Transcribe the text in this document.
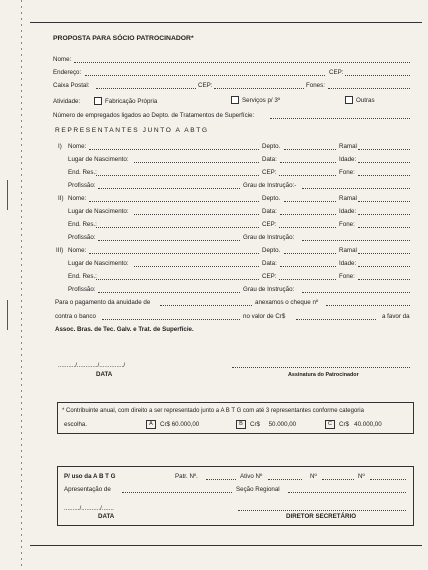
PROPOSTA PARA SÓCIO PATROCINADOR*
Nome:
Endereço:	CEP:
Caixa Postal:	CEP:	Fones:
Atividade:	Fabricação Própria	Serviços p/ 3º	Outras
Número de empregados ligados ao Depto. de Tratamentos de Superfície:
REPRESENTANTES JUNTO A ABTG
I) Nome:	Depto.	Ramal
Lugar de Nascimento:	Data:	Idade:
End. Res.:	CEP:	Fone:
Profissão:	Grau de Instrução:-
II) Nome:	Depto.	Ramal
Lugar de Nascimento:	Data:	Idade:
End. Res.:	CEP:	Fone:
Profissão:	Grau de Instrução:
III) Nome:	Depto.	Ramal
Lugar de Nascimento:	Data:	Idade:
End. Res.:	CEP:	Fone:
Profissão:	Grau de Instrução:
Para o pagamento da anuidade de	anexamos o cheque nº
contra o banco	no valor de Cr$	a favor da
Assoc. Bras. de Tec. Galv. e Trat. de Superfície.
........../............/............../
DATA	Assinatura do Patrocinador
* Contribuinte anual, com direito a ser representado junto a A B T G com até 3 representantes conforme categoria
escolha.	A Cr$ 60.000,00	B Cr$ 50.000,00	C Cr$ 40.000,00
P/ uso da A B T G	Patr. Nº.	Ativo Nº	Nº	Nº
Apresentação de	Seção Regional
........./.........../.......
DATA	DIRETOR SECRETÁRIO
